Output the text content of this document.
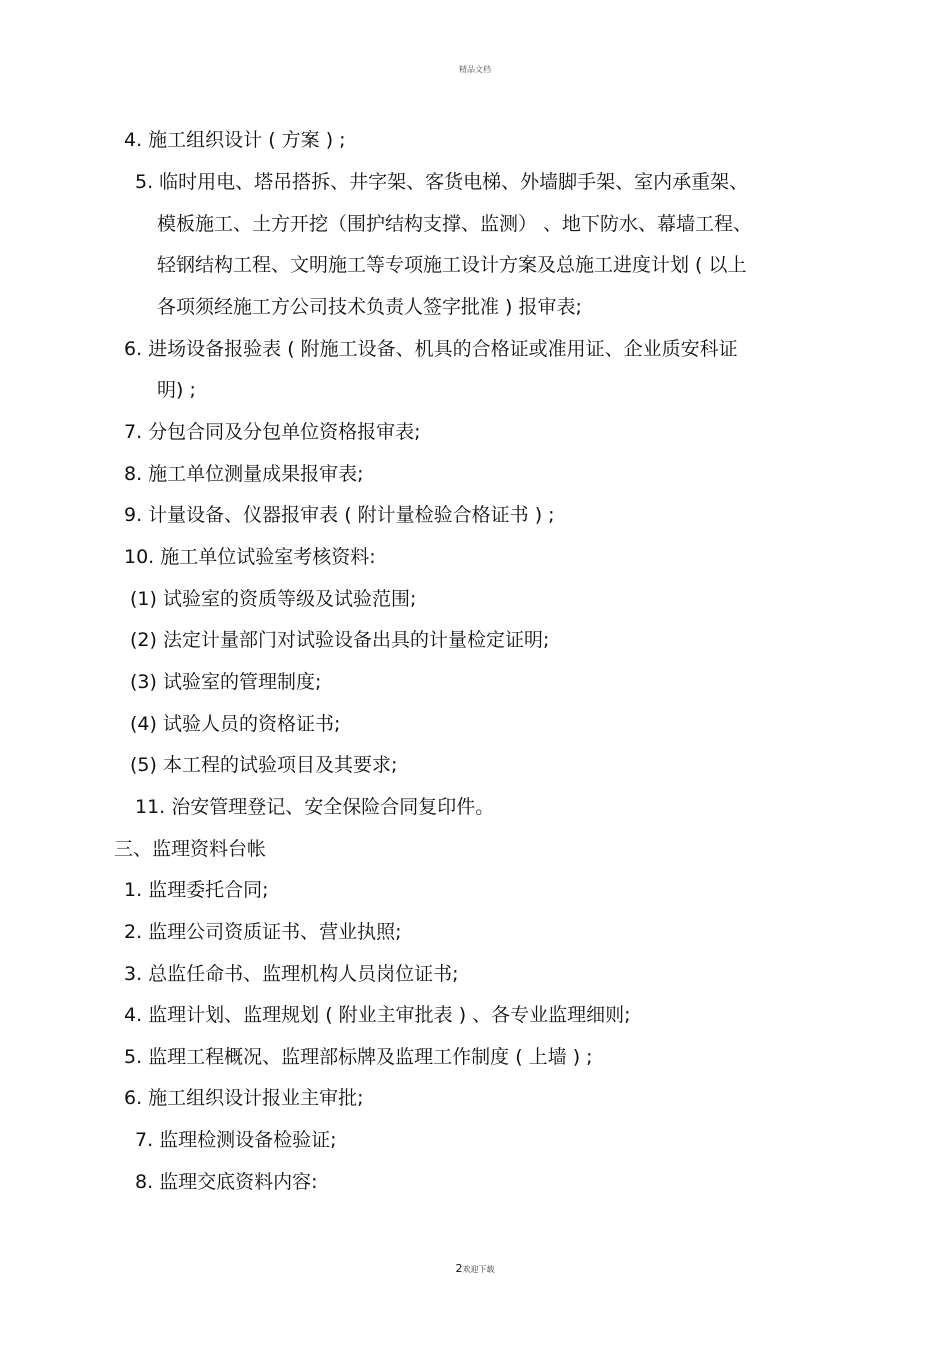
精品文档
4. 施工组织设计 ( 方案 ) ;
5. 临时用电、塔吊搭拆、井字架、客货电梯、外墙脚手架、室内承重架、
模板施工、土方开挖（围护结构支撑、监测） 、地下防水、幕墙工程、
轻钢结构工程、文明施工等专项施工设计方案及总施工进度计划 ( 以上
各项须经施工方公司技术负责人签字批准 ) 报审表;
6. 进场设备报验表 ( 附施工设备、机具的合格证或准用证、企业质安科证
明) ;
7. 分包合同及分包单位资格报审表;
8. 施工单位测量成果报审表;
9. 计量设备、仪器报审表 ( 附计量检验合格证书 ) ;
10. 施工单位试验室考核资料:
(1) 试验室的资质等级及试验范围;
(2) 法定计量部门对试验设备出具的计量检定证明;
(3) 试验室的管理制度;
(4) 试验人员的资格证书;
(5) 本工程的试验项目及其要求;
11. 治安管理登记、安全保险合同复印件。
三、监理资料台帐
1. 监理委托合同;
2. 监理公司资质证书、营业执照;
3. 总监任命书、监理机构人员岗位证书;
4. 监理计划、监理规划 ( 附业主审批表 ) 、各专业监理细则;
5. 监理工程概况、监理部标牌及监理工作制度 ( 上墙 ) ;
6. 施工组织设计报业主审批;
7. 监理检测设备检验证;
8. 监理交底资料内容:
2欢迎下载
